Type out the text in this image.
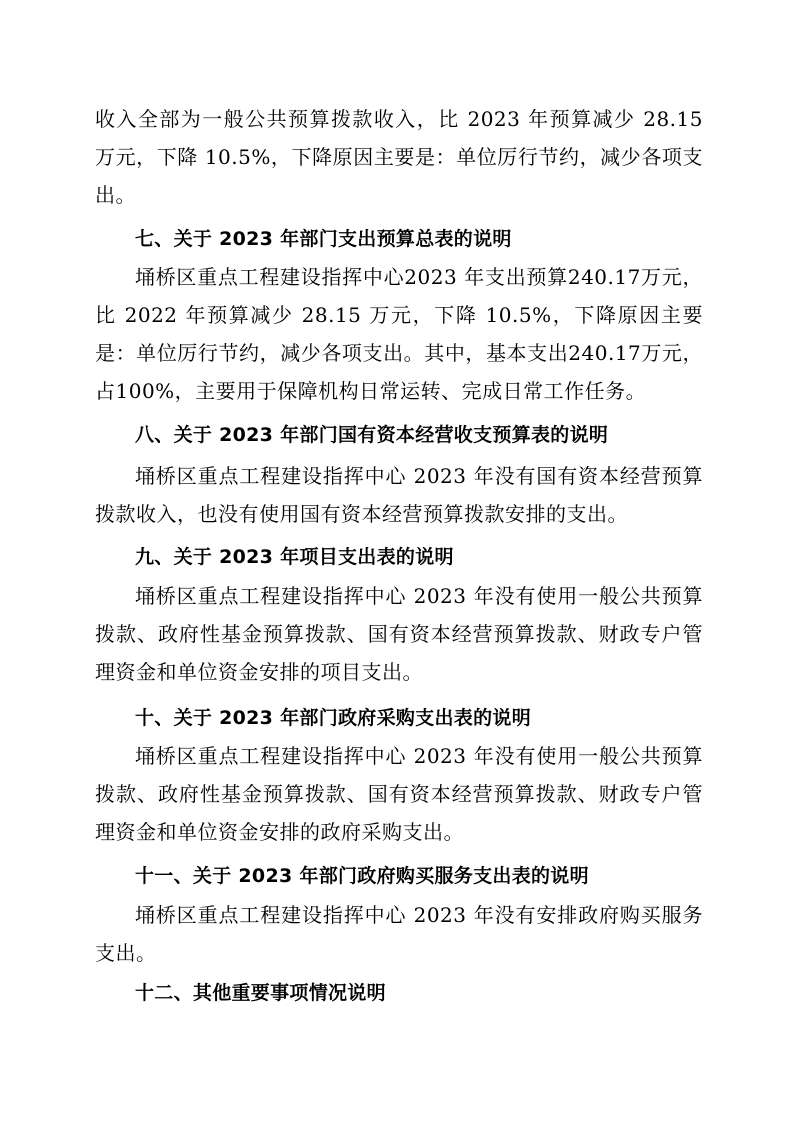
收入全部为一般公共预算拨款收入，比 2023 年预算减少 28.15 万元，下降 10.5%，下降原因主要是：单位厉行节约，减少各项支出。

七、关于 2023 年部门支出预算总表的说明

埇桥区重点工程建设指挥中心2023 年支出预算240.17万元，比 2022 年预算减少 28.15 万元，下降 10.5%，下降原因主要是：单位厉行节约，减少各项支出。其中，基本支出240.17万元，占100%，主要用于保障机构日常运转、完成日常工作任务。

八、关于 2023 年部门国有资本经营收支预算表的说明

埇桥区重点工程建设指挥中心 2023 年没有国有资本经营预算拨款收入，也没有使用国有资本经营预算拨款安排的支出。

九、关于 2023 年项目支出表的说明

埇桥区重点工程建设指挥中心 2023 年没有使用一般公共预算拨款、政府性基金预算拨款、国有资本经营预算拨款、财政专户管理资金和单位资金安排的项目支出。

十、关于 2023 年部门政府采购支出表的说明

埇桥区重点工程建设指挥中心 2023 年没有使用一般公共预算拨款、政府性基金预算拨款、国有资本经营预算拨款、财政专户管理资金和单位资金安排的政府采购支出。

十一、关于 2023 年部门政府购买服务支出表的说明

埇桥区重点工程建设指挥中心 2023 年没有安排政府购买服务支出。

十二、其他重要事项情况说明
